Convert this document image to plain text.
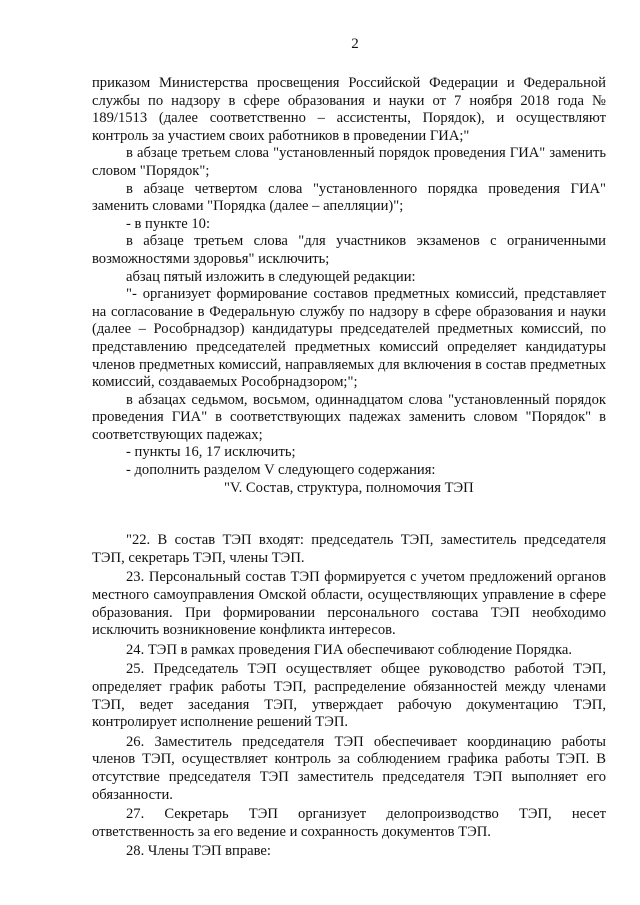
2

приказом Министерства просвещения Российской Федерации и Федеральной службы по надзору в сфере образования и науки от 7 ноября 2018 года № 189/1513 (далее соответственно – ассистенты, Порядок), и осуществляют контроль за участием своих работников в проведении ГИА;"

в абзаце третьем слова "установленный порядок проведения ГИА" заменить словом "Порядок";

в абзаце четвертом слова "установленного порядка проведения ГИА" заменить словами "Порядка (далее – апелляции)";

- в пункте 10:

в абзаце третьем слова "для участников экзаменов с ограниченными возможностями здоровья" исключить;

абзац пятый изложить в следующей редакции:

"- организует формирование составов предметных комиссий, представляет на согласование в Федеральную службу по надзору в сфере образования и науки (далее – Рособрнадзор) кандидатуры председателей предметных комиссий, по представлению председателей предметных комиссий определяет кандидатуры членов предметных комиссий, направляемых для включения в состав предметных комиссий, создаваемых Рособрнадзором;";

в абзацах седьмом, восьмом, одиннадцатом слова "установленный порядок проведения ГИА" в соответствующих падежах заменить словом "Порядок" в соответствующих падежах;

- пункты 16, 17 исключить;

- дополнить разделом V следующего содержания:

"V. Состав, структура, полномочия ТЭП

"22. В состав ТЭП входят: председатель ТЭП, заместитель председателя ТЭП, секретарь ТЭП, члены ТЭП.

23. Персональный состав ТЭП формируется с учетом предложений органов местного самоуправления Омской области, осуществляющих управление в сфере образования. При формировании персонального состава ТЭП необходимо исключить возникновение конфликта интересов.

24. ТЭП в рамках проведения ГИА обеспечивают соблюдение Порядка.

25. Председатель ТЭП осуществляет общее руководство работой ТЭП, определяет график работы ТЭП, распределение обязанностей между членами ТЭП, ведет заседания ТЭП, утверждает рабочую документацию ТЭП, контролирует исполнение решений ТЭП.

26. Заместитель председателя ТЭП обеспечивает координацию работы членов ТЭП, осуществляет контроль за соблюдением графика работы ТЭП. В отсутствие председателя ТЭП заместитель председателя ТЭП выполняет его обязанности.

27. Секретарь ТЭП организует делопроизводство ТЭП, несет ответственность за его ведение и сохранность документов ТЭП.

28. Члены ТЭП вправе:
